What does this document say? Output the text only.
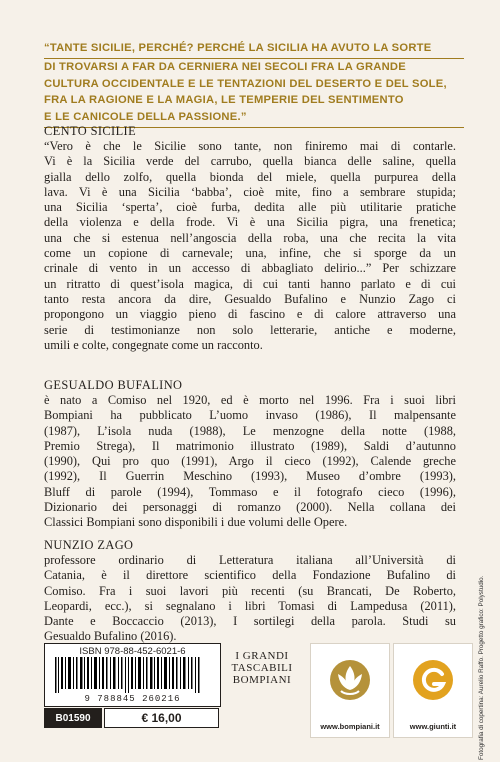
“TANTE SICILIE, PERCHÉ? PERCHÉ LA SICILIA HA AVUTO LA SORTE
DI TROVARSI A FAR DA CERNIERA NEI SECOLI FRA LA GRANDE
CULTURA OCCIDENTALE E LE TENTAZIONI DEL DESERTO E DEL SOLE,
FRA LA RAGIONE E LA MAGIA, LE TEMPERIE DEL SENTIMENTO
E LE CANICOLE DELLA PASSIONE.”
CENTO SICILIE
“Vero è che le Sicilie sono tante, non finiremo mai di contarle.
Vi è la Sicilia verde del carrubo, quella bianca delle saline, quella
gialla dello zolfo, quella bionda del miele, quella purpurea della
lava. Vi è una Sicilia ‘babba’, cioè mite, fino a sembrare stupida;
una Sicilia ‘sperta’, cioè furba, dedita alle più utilitarie pratiche
della violenza e della frode. Vi è una Sicilia pigra, una frenetica;
una che si estenua nell’angoscia della roba, una che recita la vita
come un copione di carnevale; una, infine, che si sporge da un
crinale di vento in un accesso di abbagliato delirio...” Per schizzare
un ritratto di quest’isola magica, di cui tanti hanno parlato e di cui
tanto resta ancora da dire, Gesualdo Bufalino e Nunzio Zago ci
propongono un viaggio pieno di fascino e di calore attraverso una
serie di testimonianze non solo letterarie, antiche e moderne,
umili e colte, congegnate come un racconto.
GESUALDO BUFALINO
è nato a Comiso nel 1920, ed è morto nel 1996. Fra i suoi libri
Bompiani ha pubblicato L’uomo invaso (1986), Il malpensante
(1987), L’isola nuda (1988), Le menzogne della notte (1988,
Premio Strega), Il matrimonio illustrato (1989), Saldi d’autunno
(1990), Qui pro quo (1991), Argo il cieco (1992), Calende greche
(1992), Il Guerrin Meschino (1993), Museo d’ombre (1993),
Bluff di parole (1994), Tommaso e il fotografo cieco (1996),
Dizionario dei personaggi di romanzo (2000). Nella collana dei
Classici Bompiani sono disponibili i due volumi delle Opere.
NUNZIO ZAGO
professore ordinario di Letteratura italiana all’Università di
Catania, è il direttore scientifico della Fondazione Bufalino di
Comiso. Fra i suoi lavori più recenti (su Brancati, De Roberto,
Leopardi, ecc.), si segnalano i libri Tomasi di Lampedusa (2011),
Dante e Boccaccio (2013), I sortilegi della parola. Studi su
Gesualdo Bufalino (2016).
ISBN 978-88-452-6021-6
9 788845 260216
B01590	€ 16,00
I GRANDI
TASCABILI
BOMPIANI
www.bompiani.it	www.giunti.it	Fotografia di copertina: Aurelio Raffo. Progetto grafico: Polystudio.
